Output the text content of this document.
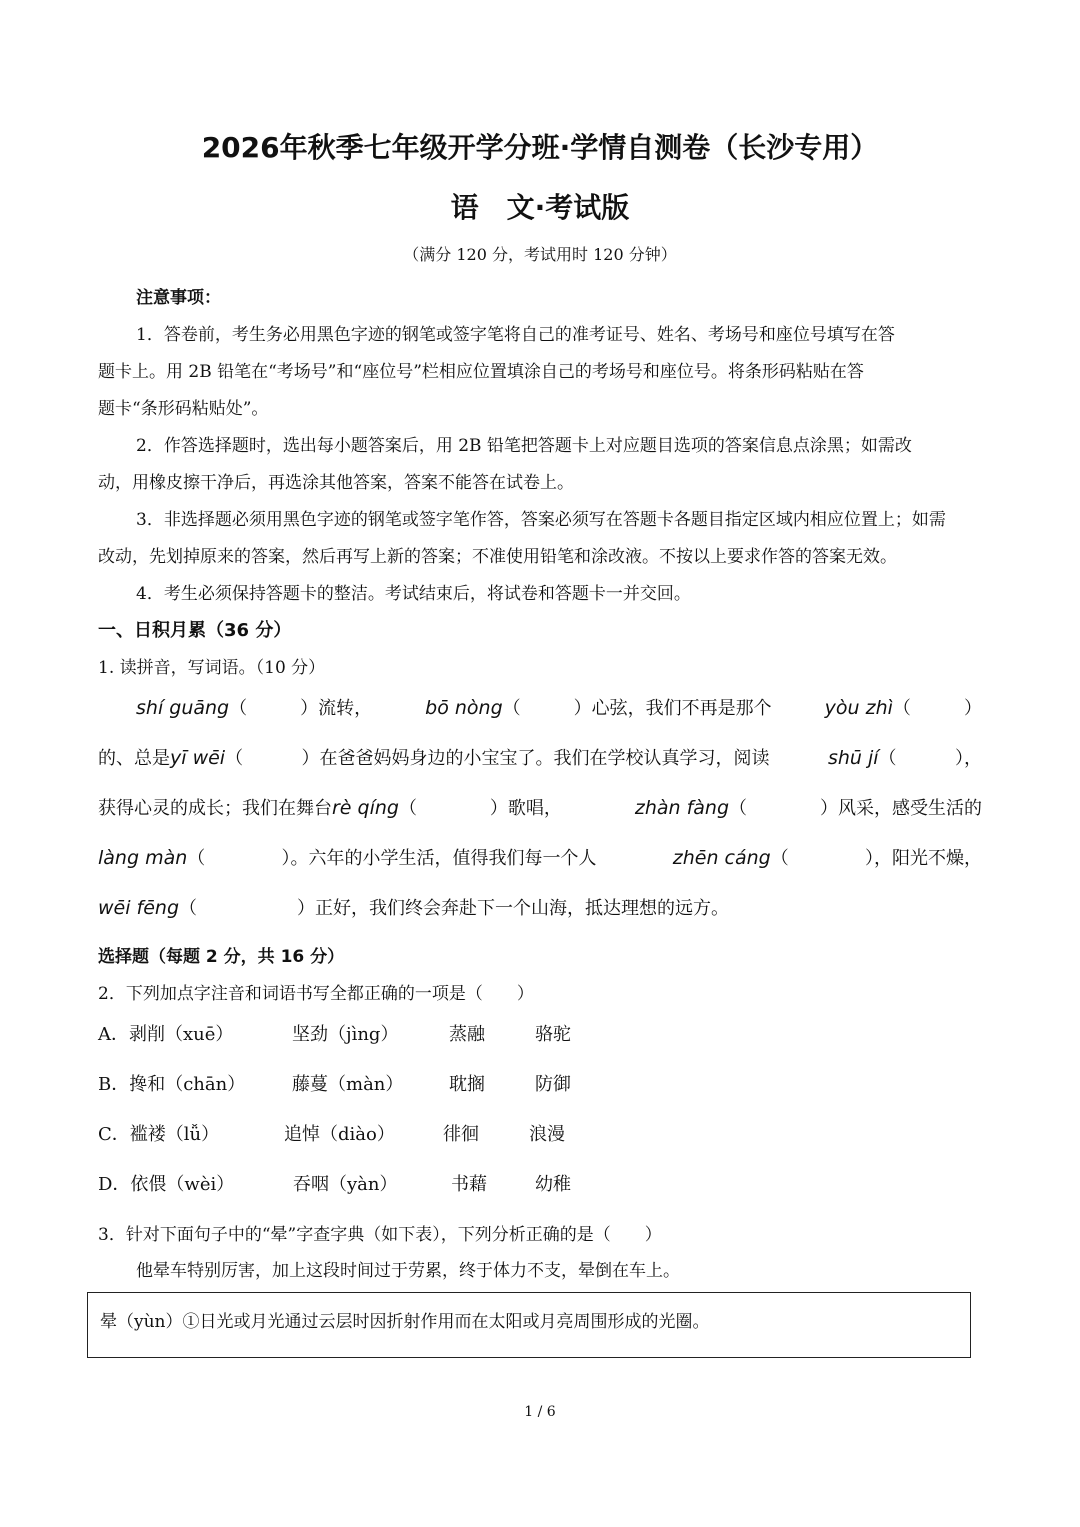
2026年秋季七年级开学分班·学情自测卷（长沙专用）
语　文·考试版
（满分 120 分，考试用时 120 分钟）
注意事项：
1．答卷前，考生务必用黑色字迹的钢笔或签字笔将自己的准考证号、姓名、考场号和座位号填写在答
题卡上。用 2B 铅笔在“考场号”和“座位号”栏相应位置填涂自己的考场号和座位号。将条形码粘贴在答
题卡“条形码粘贴处”。
2．作答选择题时，选出每小题答案后，用 2B 铅笔把答题卡上对应题目选项的答案信息点涂黑；如需改
动，用橡皮擦干净后，再选涂其他答案，答案不能答在试卷上。
3．非选择题必须用黑色字迹的钢笔或签字笔作答，答案必须写在答题卡各题目指定区域内相应位置上；如需
改动，先划掉原来的答案，然后再写上新的答案；不准使用铅笔和涂改液。不按以上要求作答的答案无效。
4．考生必须保持答题卡的整洁。考试结束后，将试卷和答题卡一并交回。
一、日积月累（36 分）
1. 读拼音，写词语。（10 分）
shí guāng（	）流转，	bō nòng（	）心弦，我们不再是那个	yòu zhì（	）
的、总是yī wēi（	）在爸爸妈妈身边的小宝宝了。我们在学校认真学习，阅读	shū jí（	），
获得心灵的成长；我们在舞台rè qíng（	）歌唱，	zhàn fàng（	）风采，感受生活的
làng màn（	）。六年的小学生活，值得我们每一个人	zhēn cáng（	），阳光不燥，
wēi fēng （	）正好，我们终会奔赴下一个山海，抵达理想的远方。
选择题（每题 2 分，共 16 分）
2．下列加点字注音和词语书写全都正确的一项是（　　）
A．剥削（xuē）	坚劲（jìng）	蒸融	骆驼
B．搀和（chān）	藤蔓（màn）	耽搁	防御
C．褴褛（lǚ）	追悼（diào）	徘徊	浪漫
D．依偎（wèi）	吞咽（yàn）	书藉	幼稚
3．针对下面句子中的“晕”字查字典（如下表），下列分析正确的是（　　）
他晕车特别厉害，加上这段时间过于劳累，终于体力不支，晕倒在车上。
晕（yùn）①日光或月光通过云层时因折射作用而在太阳或月亮周围形成的光圈。
1 / 6
